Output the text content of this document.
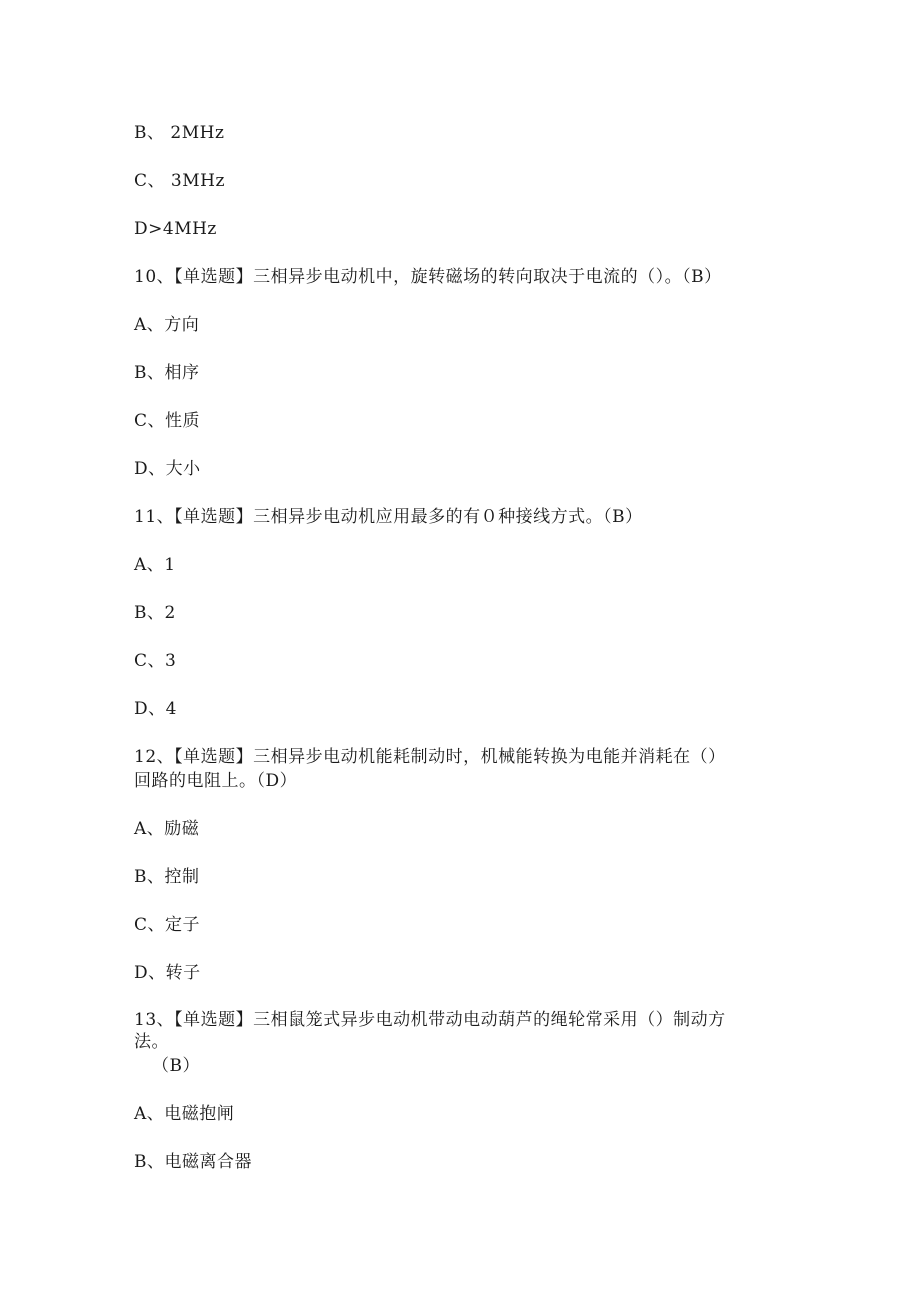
B、 2MHz
C、 3MHz
D>4MHz
10、【单选题】三相异步电动机中，旋转磁场的转向取决于电流的（）。（B）
A、方向
B、相序
C、性质
D、大小
11、【单选题】三相异步电动机应用最多的有０种接线方式。（B）
A、1
B、2
C、3
D、4
12、【单选题】三相异步电动机能耗制动时，机械能转换为电能并消耗在（）
回路的电阻上。（D）
A、励磁
B、控制
C、定子
D、转子
13、【单选题】三相鼠笼式异步电动机带动电动葫芦的绳轮常采用（）制动方
法。
（B）
A、电磁抱闸
B、电磁离合器
